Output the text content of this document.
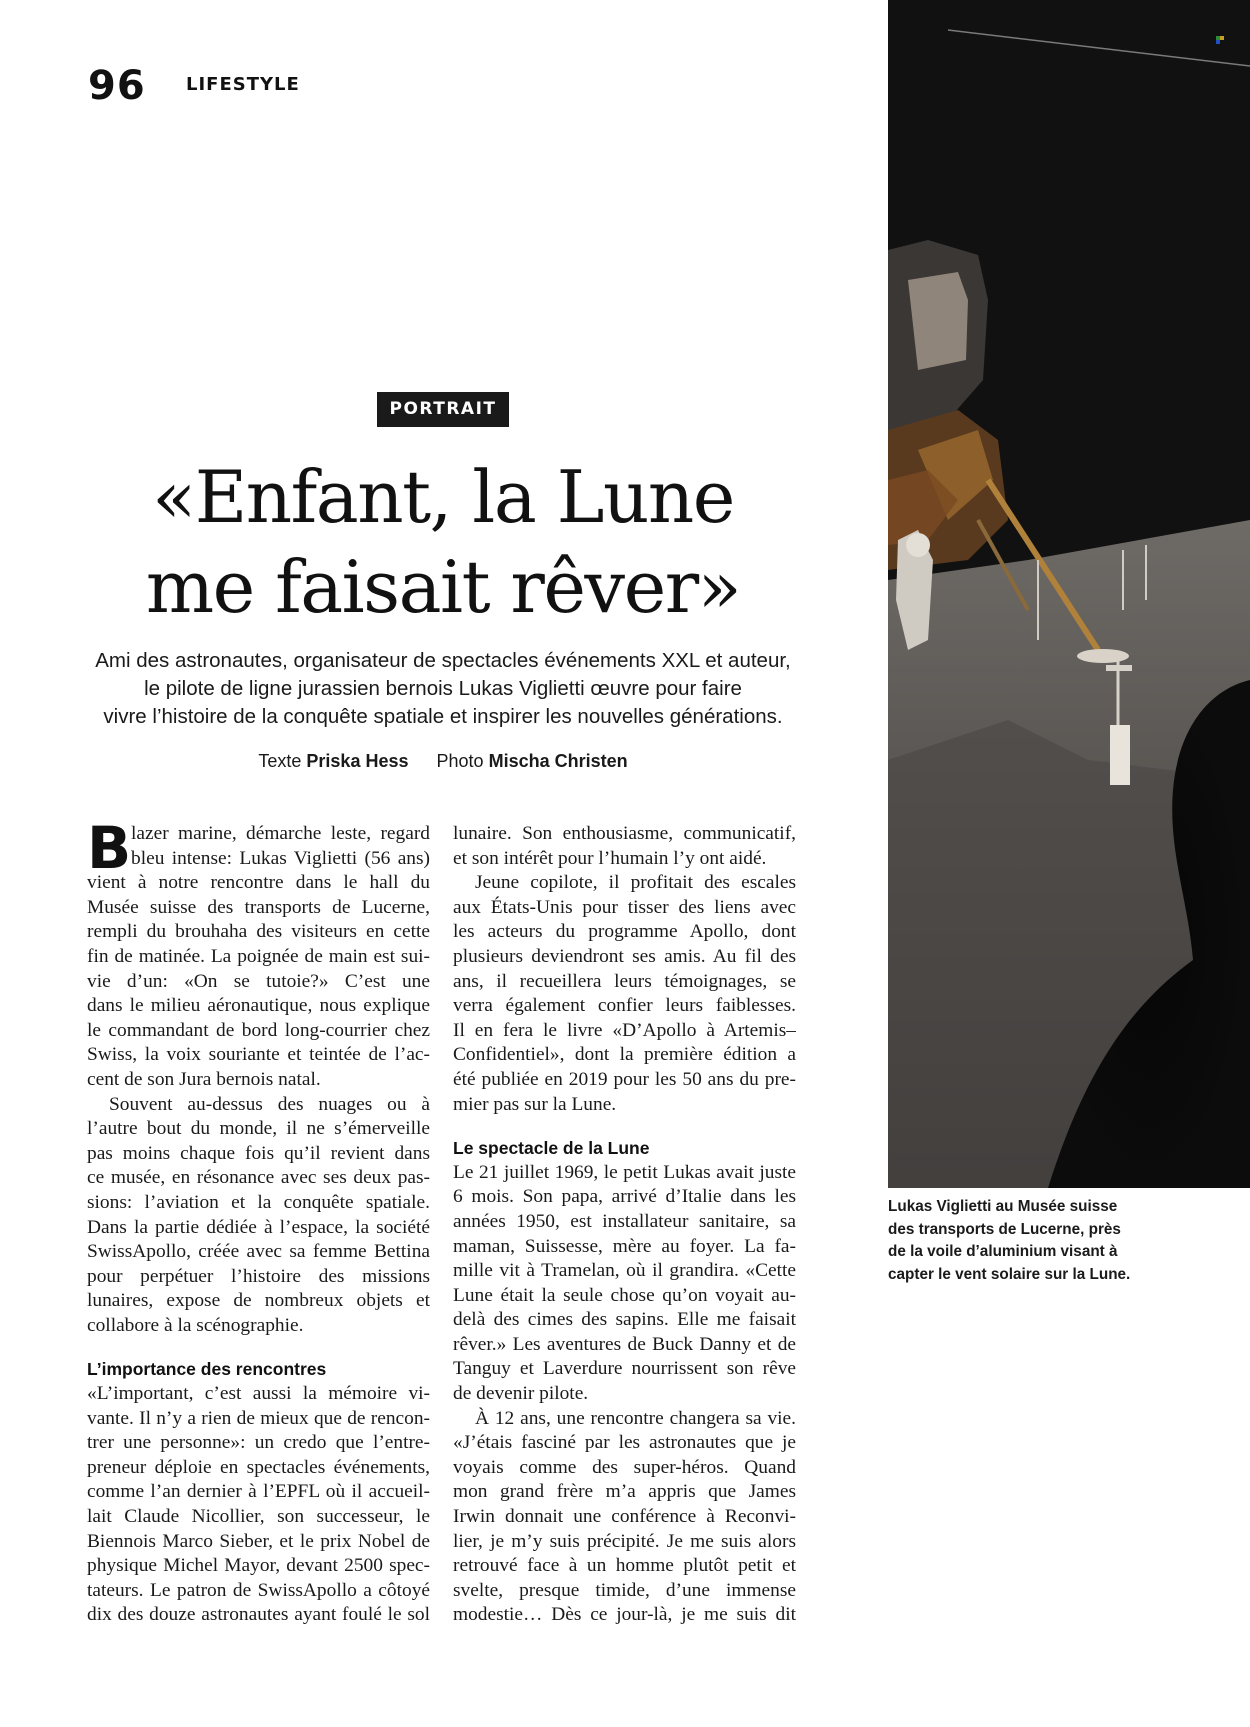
96 LIFESTYLE
PORTRAIT
«Enfant, la Lune
me faisait rêver»
Ami des astronautes, organisateur de spectacles événements XXL et auteur,
le pilote de ligne jurassien bernois Lukas Viglietti œuvre pour faire
vivre l’histoire de la conquête spatiale et inspirer les nouvelles générations.
Texte Priska Hess Photo Mischa Christen
B lazer marine, démarche leste, regard
bleu intense: Lukas Viglietti (56 ans)
vient à notre rencontre dans le hall du
Musée suisse des transports de Lucerne,
rempli du brouhaha des visiteurs en cette
fin de matinée. La poignée de main est sui-
vie d’un: «On se tutoie?» C’est une
dans le milieu aéronautique, nous explique
le commandant de bord long-courrier chez
Swiss, la voix souriante et teintée de l’ac-
cent de son Jura bernois natal.
Souvent au-dessus des nuages ou à
l’autre bout du monde, il ne s’émerveille
pas moins chaque fois qu’il revient dans
ce musée, en résonance avec ses deux pas-
sions: l’aviation et la conquête spatiale.
Dans la partie dédiée à l’espace, la société
SwissApollo, créée avec sa femme Bettina
pour perpétuer l’histoire des missions
lunaires, expose de nombreux objets et
collabore à la scénographie.
L’importance des rencontres
«L’important, c’est aussi la mémoire vi-
vante. Il n’y a rien de mieux que de rencon-
trer une personne»: un credo que l’entre-
preneur déploie en spectacles événements,
comme l’an dernier à l’EPFL où il accueil-
lait Claude Nicollier, son successeur, le
Biennois Marco Sieber, et le prix Nobel de
physique Michel Mayor, devant 2500 spec-
tateurs. Le patron de SwissApollo a côtoyé
dix des douze astronautes ayant foulé le sol
lunaire. Son enthousiasme, communicatif,
et son intérêt pour l’humain l’y ont aidé.
Jeune copilote, il profitait des escales
aux États-Unis pour tisser des liens avec
les acteurs du programme Apollo, dont
plusieurs deviendront ses amis. Au fil des
ans, il recueillera leurs témoignages, se
verra également confier leurs faiblesses.
Il en fera le livre «D’Apollo à Artemis–
Confidentiel», dont la première édition a
été publiée en 2019 pour les 50 ans du pre-
mier pas sur la Lune.
Le spectacle de la Lune
Le 21 juillet 1969, le petit Lukas avait juste
6 mois. Son papa, arrivé d’Italie dans les
années 1950, est installateur sanitaire, sa
maman, Suissesse, mère au foyer. La fa-
mille vit à Tramelan, où il grandira. «Cette
Lune était la seule chose qu’on voyait au-
delà des cimes des sapins. Elle me faisait
rêver.» Les aventures de Buck Danny et de
Tanguy et Laverdure nourrissent son rêve
de devenir pilote.
À 12 ans, une rencontre changera sa vie.
«J’étais fasciné par les astronautes que je
voyais comme des super-héros. Quand
mon grand frère m’a appris que James
Irwin donnait une conférence à Reconvi-
lier, je m’y suis précipité. Je me suis alors
retrouvé face à un homme plutôt petit et
svelte, presque timide, d’une immense
modestie… Dès ce jour-là, je me suis dit
Lukas Viglietti au Musée suisse
des transports de Lucerne, près
de la voile d’aluminium visant à
capter le vent solaire sur la Lune.
